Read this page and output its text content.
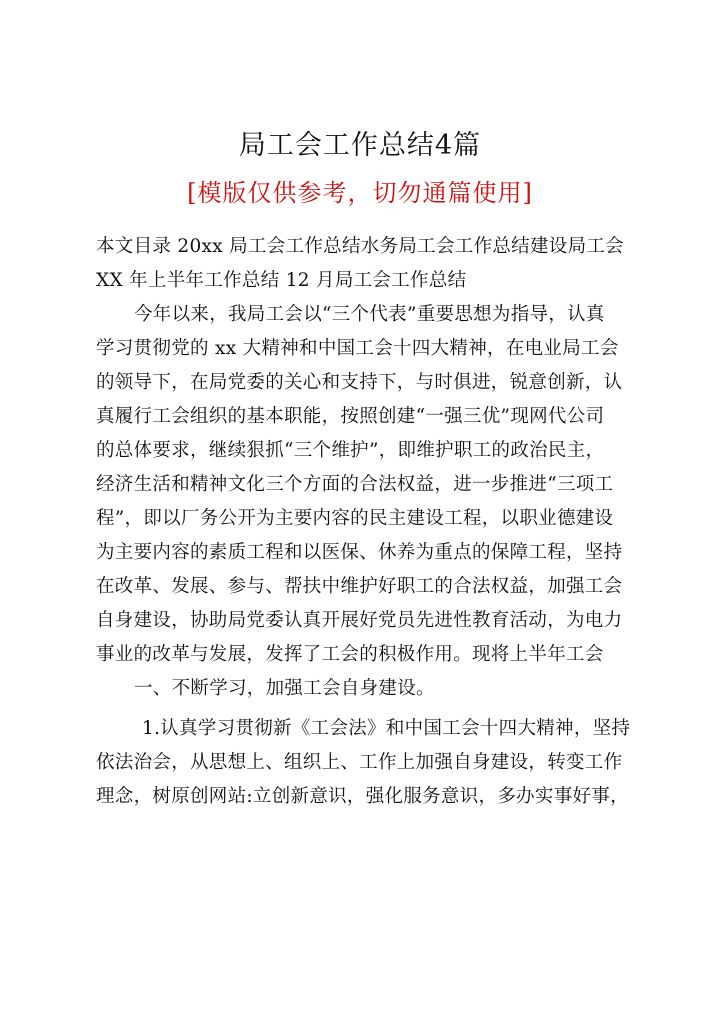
局工会工作总结4篇
[模版仅供参考，切勿通篇使用]
本文目录 20xx 局工会工作总结水务局工会工作总结建设局工会
XX 年上半年工作总结 12 月局工会工作总结
今年以来，我局工会以“三个代表”重要思想为指导，认真
学习贯彻党的 xx 大精神和中国工会十四大精神，在电业局工会
的领导下，在局党委的关心和支持下，与时俱进，锐意创新，认
真履行工会组织的基本职能，按照创建“一强三优”现网代公司
的总体要求，继续狠抓“三个维护”，即维护职工的政治民主，
经济生活和精神文化三个方面的合法权益，进一步推进“三项工
程”，即以厂务公开为主要内容的民主建设工程，以职业德建设
为主要内容的素质工程和以医保、休养为重点的保障工程，坚持
在改革、发展、参与、帮扶中维护好职工的合法权益，加强工会
自身建设，协助局党委认真开展好党员先进性教育活动，为电力
事业的改革与发展，发挥了工会的积极作用。现将上半年工会
一、不断学习，加强工会自身建设。
1.认真学习贯彻新《工会法》和中国工会十四大精神，坚持
依法治会，从思想上、组织上、工作上加强自身建设，转变工作
理念，树原创网站:立创新意识，强化服务意识，多办实事好事，
